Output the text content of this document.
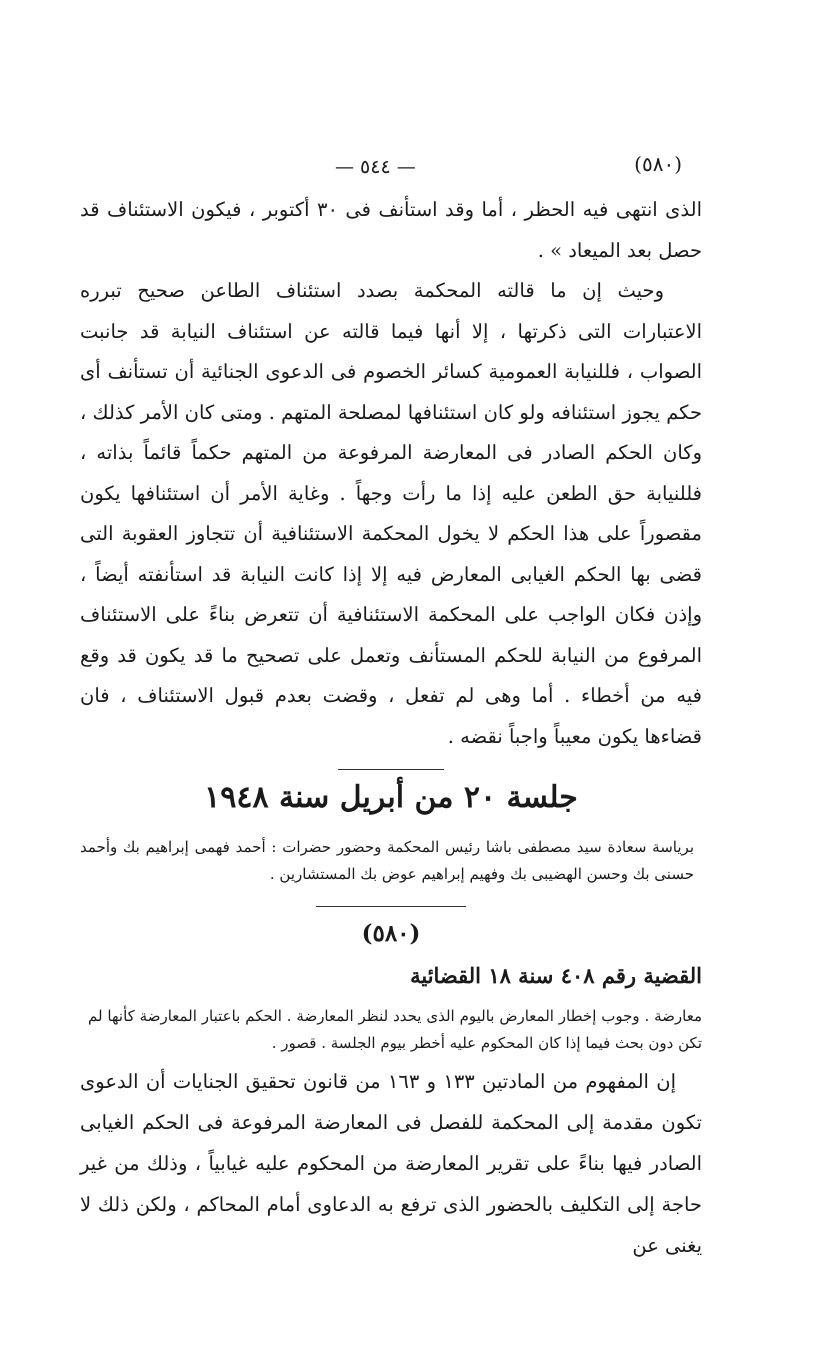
— ٥٤٤ —	(٥٨٠)

الذى انتهى فيه الحظر ، أما وقد استأنف فى ٣٠ أكتوبر ، فيكون الاستئناف قد حصل بعد الميعاد » .

وحيث إن ما قالته المحكمة بصدد استئناف الطاعن صحيح تبرره الاعتبارات التى ذكرتها ، إلا أنها فيما قالته عن استئناف النيابة قد جانبت الصواب ، فللنيابة العمومية كسائر الخصوم فى الدعوى الجنائية أن تستأنف أى حكم يجوز استئنافه ولو كان استئنافها لمصلحة المتهم . ومتى كان الأمر كذلك ، وكان الحكم الصادر فى المعارضة المرفوعة من المتهم حكماً قائماً بذاته ، فللنيابة حق الطعن عليه إذا ما رأت وجهاً . وغاية الأمر أن استئنافها يكون مقصوراً على هذا الحكم لا يخول المحكمة الاستئنافية أن تتجاوز العقوبة التى قضى بها الحكم الغيابى المعارض فيه إلا إذا كانت النيابة قد استأنفته أيضاً ، وإذن فكان الواجب على المحكمة الاستئنافية أن تتعرض بناءً على الاستئناف المرفوع من النيابة للحكم المستأنف وتعمل على تصحيح ما قد يكون قد وقع فيه من أخطاء . أما وهى لم تفعل ، وقضت بعدم قبول الاستئناف ، فان قضاءها يكون معيباً واجباً نقضه .

جلسة ٢٠ من أبريل سنة ١٩٤٨
برياسة سعادة سيد مصطفى باشا رئيس المحكمة وحضور حضرات : أحمد فهمى إبراهيم بك وأحمد حسنى بك وحسن الهضيبى بك وفهيم إبراهيم عوض بك المستشارين .
(٥٨٠)
القضية رقم ٤٠٨ سنة ١٨ القضائية
معارضة . وجوب إخطار المعارض باليوم الذى يحدد لنظر المعارضة . الحكم باعتبار المعارضة كأنها لم تكن دون بحث فيما إذا كان المحكوم عليه أخطر بيوم الجلسة . قصور .

إن المفهوم من المادتين ١٣٣ و ١٦٣ من قانون تحقيق الجنايات أن الدعوى تكون مقدمة إلى المحكمة للفصل فى المعارضة المرفوعة فى الحكم الغيابى الصادر فيها بناءً على تقرير المعارضة من المحكوم عليه غيابياً ، وذلك من غير حاجة إلى التكليف بالحضور الذى ترفع به الدعاوى أمام المحاكم ، ولكن ذلك لا يغنى عن
